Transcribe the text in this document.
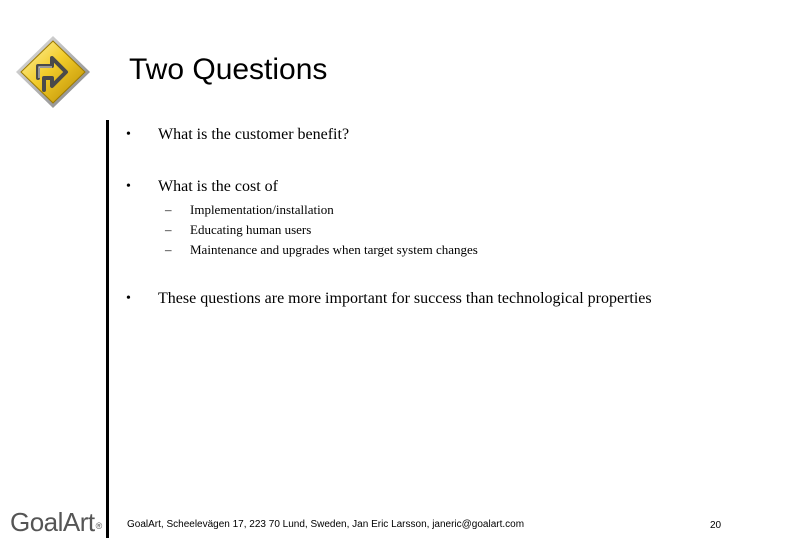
Two Questions
• What is the customer benefit?
• What is the cost of
– Implementation/installation
– Educating human users
– Maintenance and upgrades when target system changes
• These questions are more important for success than technological properties
GoalArt® GoalArt, Scheelevägen 17, 223 70 Lund, Sweden, Jan Eric Larsson, janeric@goalart.com	20
